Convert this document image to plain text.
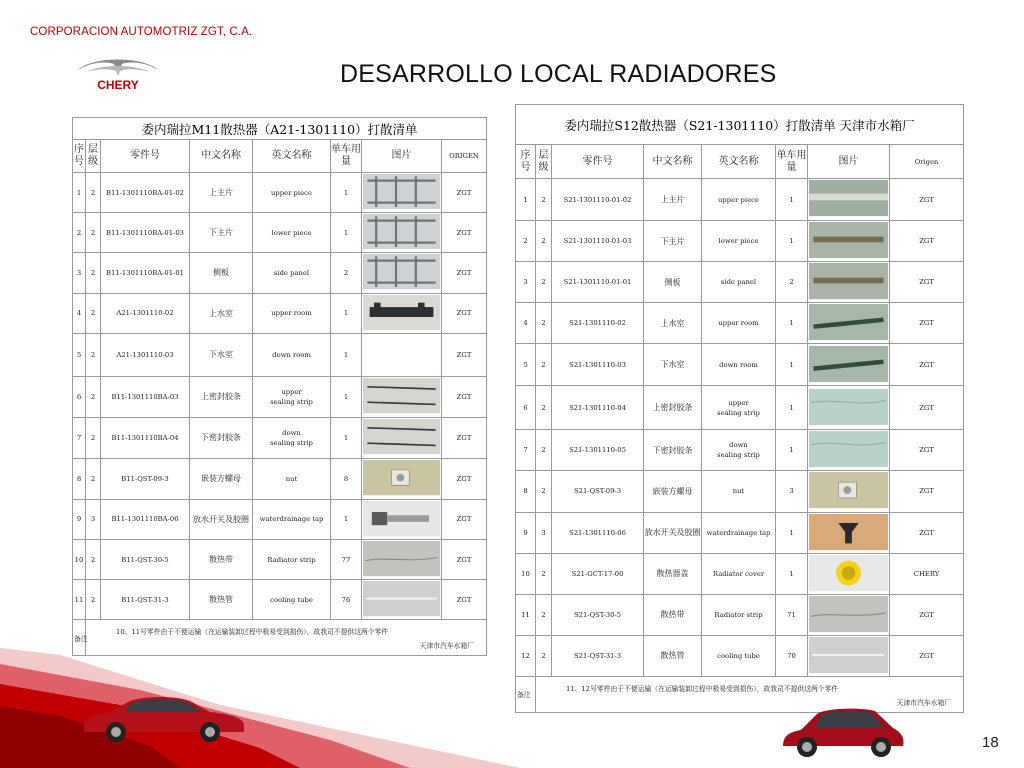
CORPORACION AUTOMOTRIZ ZGT, C.A.
CHERY	DESARROLLO LOCAL RADIADORES
委内瑞拉M11散热器（A21-1301110）打散清单							
序号	层级	零件号	中文名称	英文名称	单车用量	图片	ORIGEN
1	2	B11-1301110BA-01-02	上主片	upper piece	1		ZGT
2	2	B11-1301110BA-01-03	下主片	lower piece	1		ZGT
3	2	B11-1301110BA-01-01	侧板	side panel	2		ZGT
4	2	A21-1301110-02	上水室	upper room	1		ZGT
5	2	A21-1301110-03	下水室	down room	1		ZGT
6	2	B11-1301110BA-03	上密封胶条	upper
sealing strip	1		ZGT
7	2	B11-1301110BA-04	下密封胶条	down
sealing strip	1		ZGT
8	2	B11-QST-09-3	嵌装方螺母	nut	8		ZGT
9	3	B11-1301110BA-06	放水开关及胶圈	waterdrainage tap	1		ZGT
10	2	B11-QST-30-5	散热带	Radiator strip	77		ZGT
11	2	B11-QST-31-3	散热管	cooling tube	76		ZGT
备注	10、11号零件由于不便运输（在运输装卸过程中极易受到损伤），故我司不提供这两个零件
天津市汽车水箱厂						
委内瑞拉S12散热器（S21-1301110）打散清单 天津市水箱厂							
序号	层级	零件号	中文名称	英文名称	单车用量	图片	Origen
1	2	S21-1301110-01-02	上主片	upper piece	1		ZGT
2	2	S21-1301110-01-03	下主片	lower piece	1		ZGT
3	2	S21-1301110-01-01	侧板	side panel	2		ZGT
4	2	S21-1301110-02	上水室	upper room	1		ZGT
5	2	S21-1301110-03	下水室	down room	1		ZGT
6	2	S21-1301110-04	上密封胶条	upper
sealing strip	1		ZGT
7	2	S21-1301110-05	下密封胶条	down
sealing strip	1		ZGT
8	2	S21-QST-09-3	嵌装方螺母	nut	3		ZGT
9	3	S21-1301110-06	放水开关及胶圈	waterdrainage tap	1		ZGT
10	2	S21-GCT-17-00	散热器盖	Radiator cover	1		CHERY
11	2	S21-QST-30-5	散热带	Radiator strip	71		ZGT
12	2	S21-QST-31-3	散热管	cooling tube	70		ZGT
备注	11、12号零件由于不便运输（在运输装卸过程中极易受到损伤），故我司不提供这两个零件
天津市汽车水箱厂						
18
